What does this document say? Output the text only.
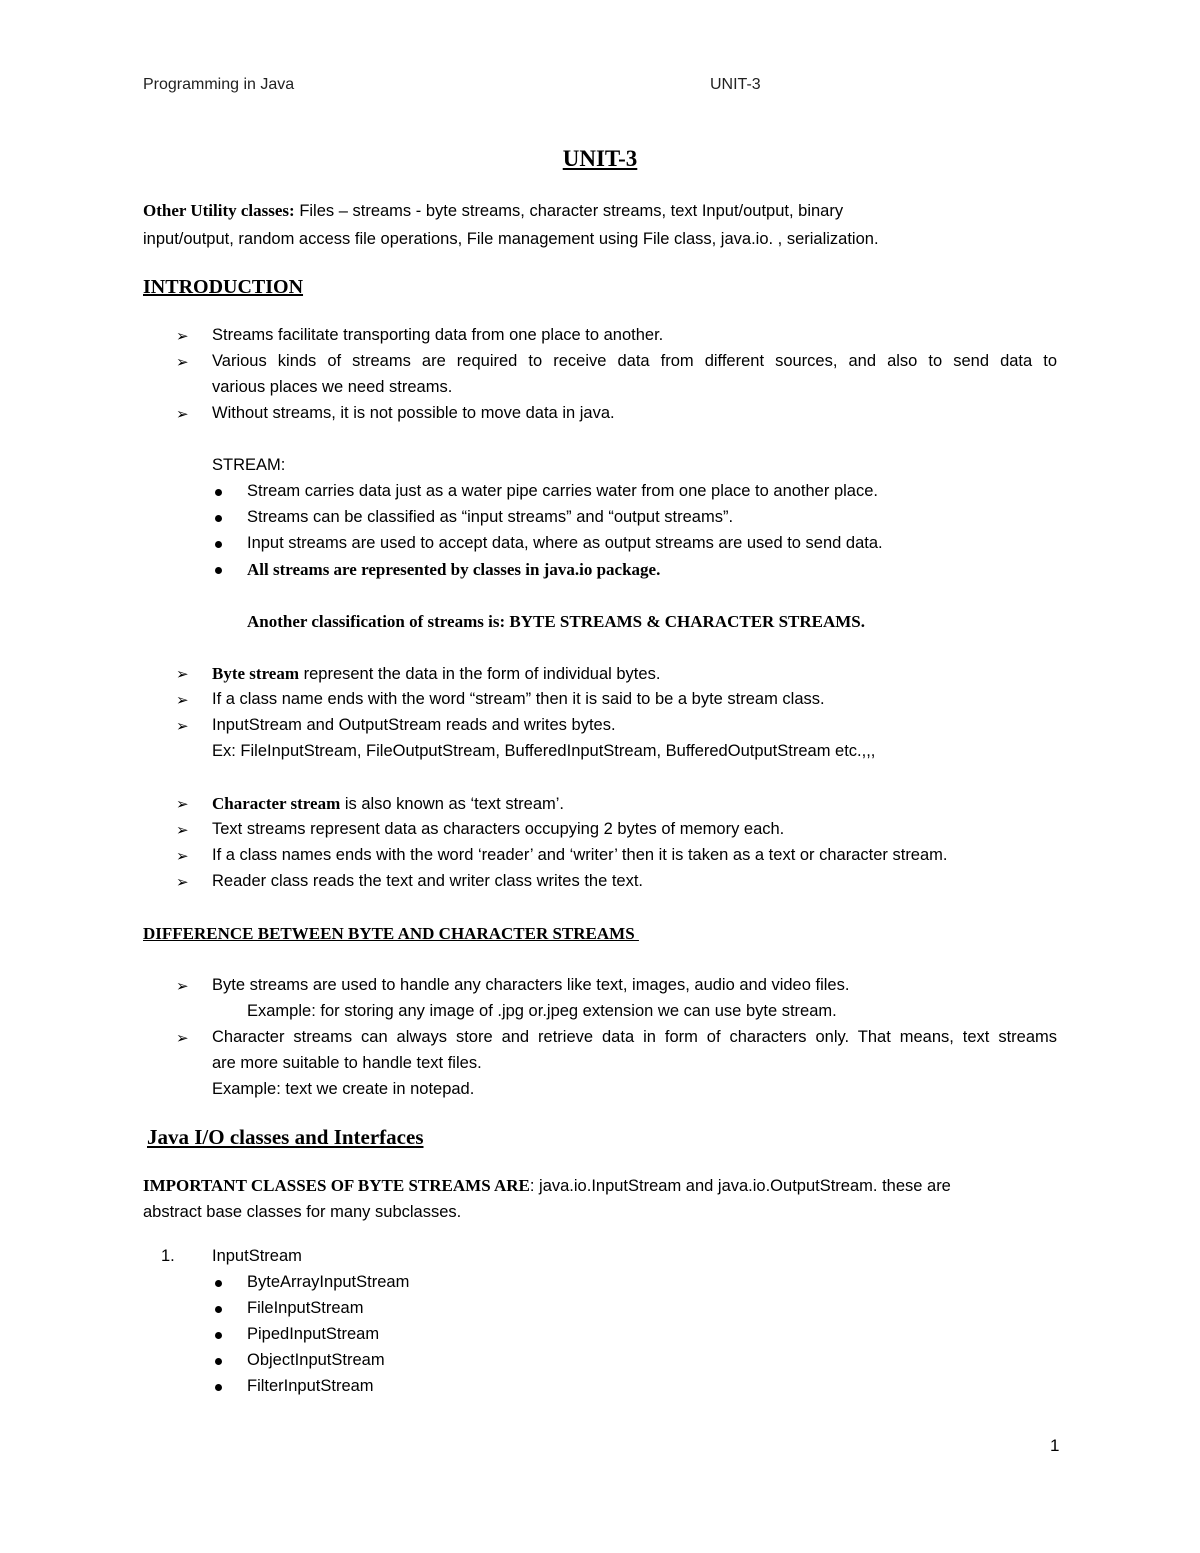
Programming in Java	UNIT-3
UNIT-3
Other Utility classes: Files – streams - byte streams, character streams, text Input/output, binary
input/output, random access file operations, File management using File class, java.io. , serialization.
INTRODUCTION
➢ Streams facilitate transporting data from one place to another.
➢ Various kinds of streams are required to receive data from different sources, and also to send data to
various places we need streams.
➢ Without streams, it is not possible to move data in java.
STREAM:
Stream carries data just as a water pipe carries water from one place to another place.
Streams can be classified as “input streams” and “output streams”.
Input streams are used to accept data, where as output streams are used to send data.
All streams are represented by classes in java.io package.
Another classification of streams is: BYTE STREAMS & CHARACTER STREAMS.
➢ Byte stream represent the data in the form of individual bytes.
➢ If a class name ends with the word “stream” then it is said to be a byte stream class.
➢ InputStream and OutputStream reads and writes bytes.
Ex: FileInputStream, FileOutputStream, BufferedInputStream, BufferedOutputStream etc.,,,
➢ Character stream is also known as ‘text stream’.
➢ Text streams represent data as characters occupying 2 bytes of memory each.
➢ If a class names ends with the word ‘reader’ and ‘writer’ then it is taken as a text or character stream.
➢ Reader class reads the text and writer class writes the text.
DIFFERENCE BETWEEN BYTE AND CHARACTER STREAMS
➢ Byte streams are used to handle any characters like text, images, audio and video files.
Example: for storing any image of .jpg or.jpeg extension we can use byte stream.
➢ Character streams can always store and retrieve data in form of characters only. That means, text streams
are more suitable to handle text files.
Example: text we create in notepad.
Java I/O classes and Interfaces
IMPORTANT CLASSES OF BYTE STREAMS ARE: java.io.InputStream and java.io.OutputStream. these are
abstract base classes for many subclasses.
1. InputStream
ByteArrayInputStream
FileInputStream
PipedInputStream
ObjectInputStream
FilterInputStream
1
